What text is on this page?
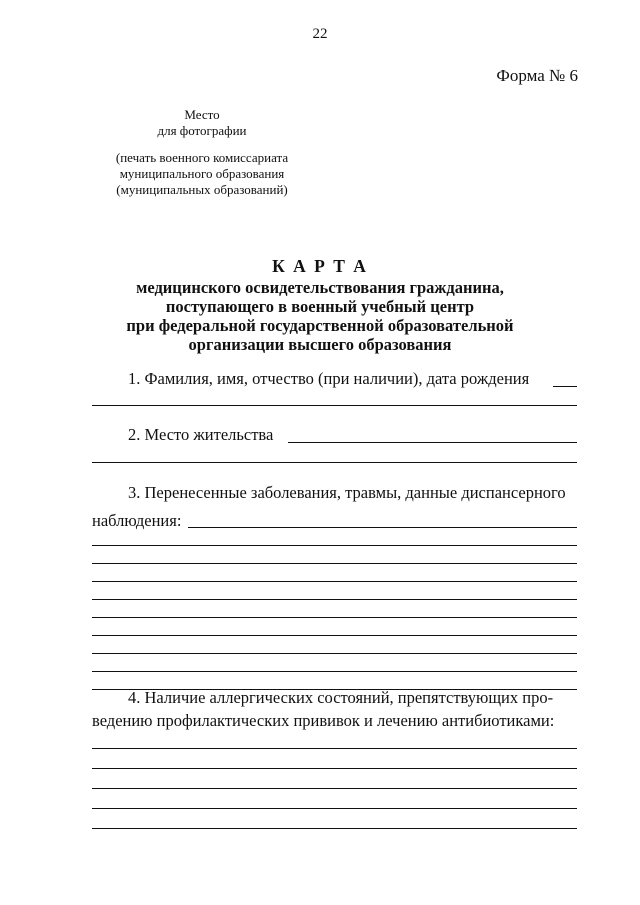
22
Форма № 6
Место
для фотографии
(печать военного комиссариата
муниципального образования
(муниципальных образований)
К А Р Т А
медицинского освидетельствования гражданина,
поступающего в военный учебный центр
при федеральной государственной образовательной
организации высшего образования
1. Фамилия, имя, отчество (при наличии), дата рождения
2. Место жительства
3. Перенесенные заболевания, травмы, данные диспансерного
наблюдения:
4. Наличие аллергических состояний, препятствующих про-
ведению профилактических прививок и лечению антибиотиками:
